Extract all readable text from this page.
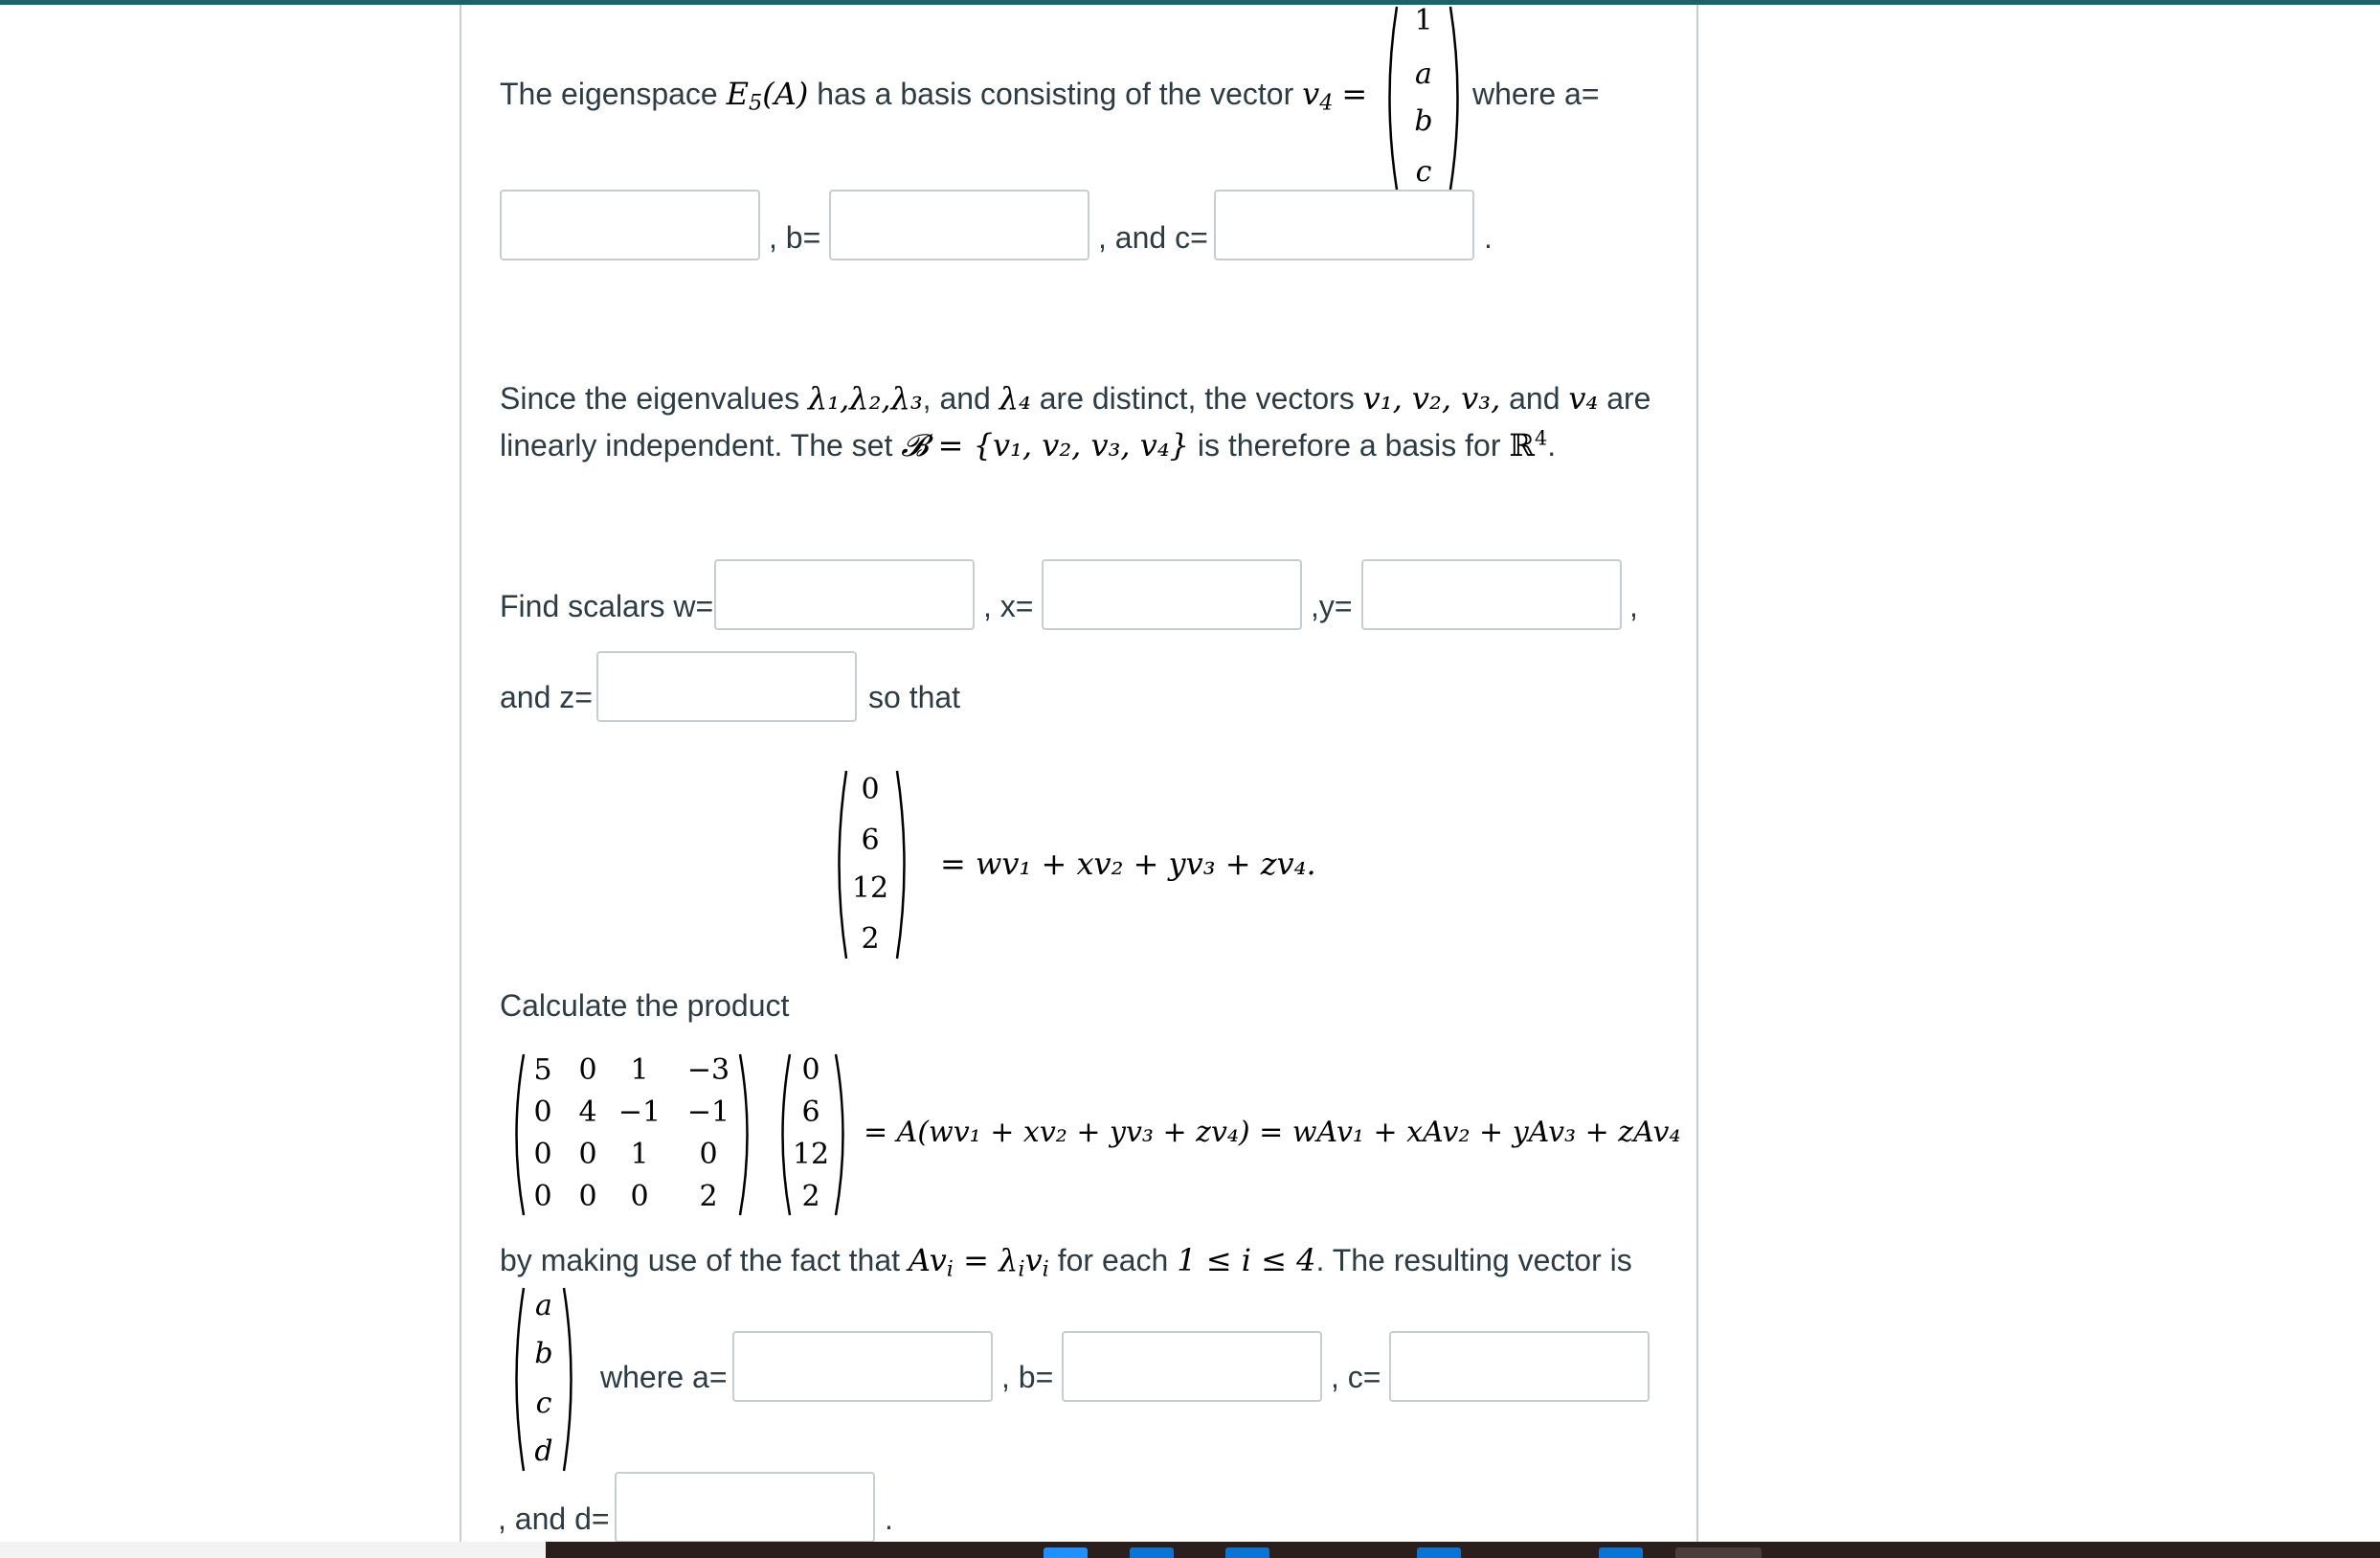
The eigenspace $E_5(A)$ has a basis consisting of the vector $v_4$ =
1
a
b
c
where a=
, b=	, and c=	.
Since the eigenvalues λ₁,λ₂,λ₃, and λ₄ are distinct, the vectors v₁, v₂, v₃, and v₄ are
linearly independent. The set 𝓑 = {v₁, v₂, v₃, v₄} is therefore a basis for ℝ$^4$.
Find scalars w=	, x=	,y=	,
and z=	so that
0
6
12
2
= wv₁ + xv₂ + yv₃ + zv₄.
Calculate the product
5 0	1	−3
0 4 −1 −1
0 0	1	0
0 0	0	2
0
6
12
2
= A(wv₁ + xv₂ + yv₃ + zv₄) = wAv₁ + xAv₂ + yAv₃ + zAv₄
by making use of the fact that $Av_i = \lambda_iv_i$ for each 1 ≤ i ≤ 4. The resulting vector is
a
b
c
d
where a=	, b=	, c=
, and d=	.
